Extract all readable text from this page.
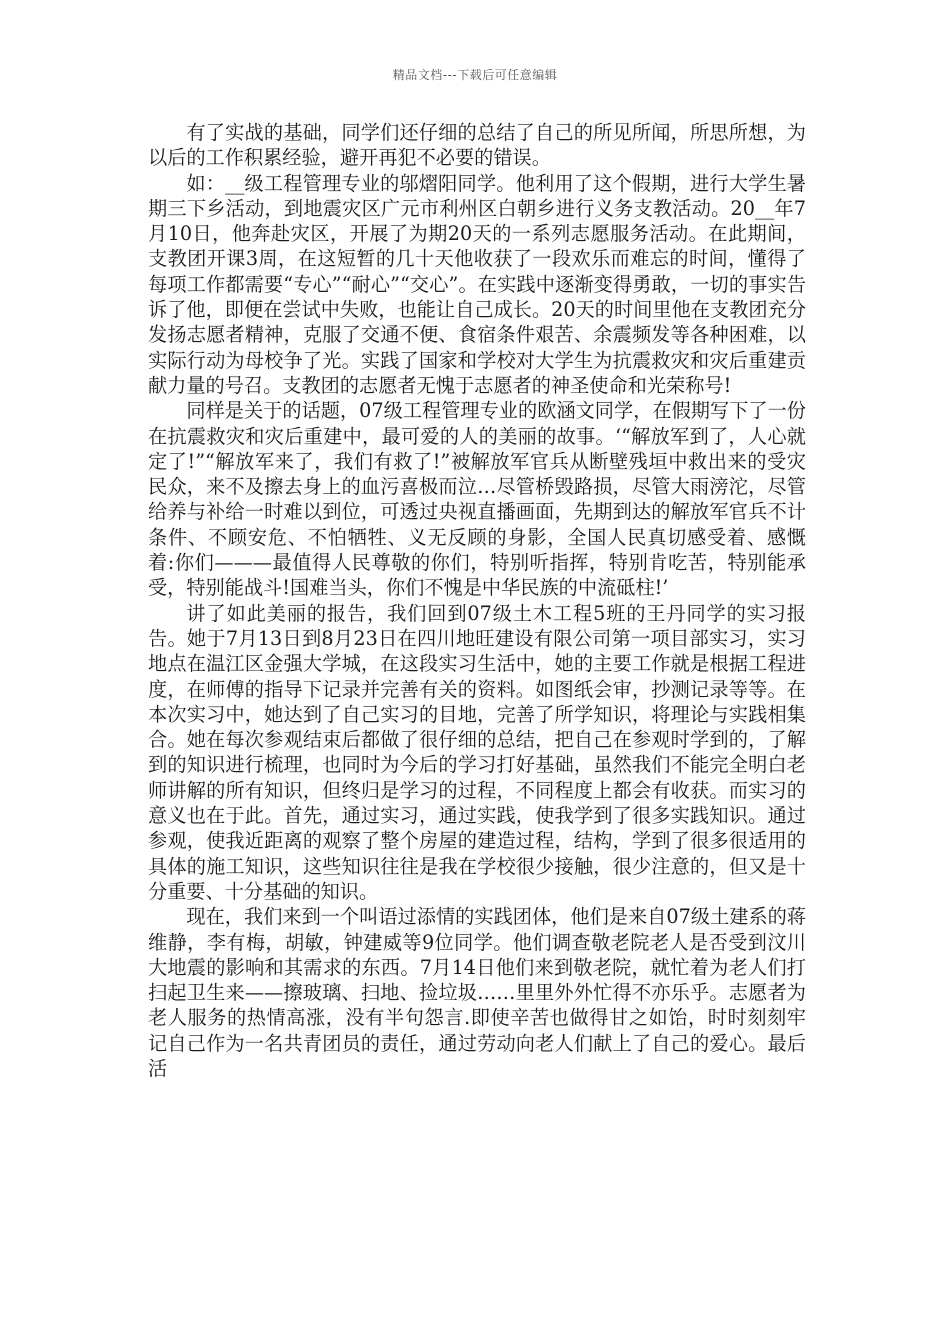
精品文档---下载后可任意编辑

有了实战的基础，同学们还仔细的总结了自己的所见所闻，所思所想，为以后的工作积累经验，避开再犯不必要的错误。

如：__级工程管理专业的邬熠阳同学。他利用了这个假期，进行大学生暑期三下乡活动，到地震灾区广元市利州区白朝乡进行义务支教活动。20__年7月10日，他奔赴灾区，开展了为期20天的一系列志愿服务活动。在此期间，支教团开课3周，在这短暂的几十天他收获了一段欢乐而难忘的时间，懂得了每项工作都需要“专心”“耐心”“交心”。在实践中逐渐变得勇敢，一切的事实告诉了他，即便在尝试中失败，也能让自己成长。20天的时间里他在支教团充分发扬志愿者精神，克服了交通不便、食宿条件艰苦、余震频发等各种困难，以实际行动为母校争了光。实践了国家和学校对大学生为抗震救灾和灾后重建贡献力量的号召。支教团的志愿者无愧于志愿者的神圣使命和光荣称号!

同样是关于的话题，07级工程管理专业的欧涵文同学，在假期写下了一份在抗震救灾和灾后重建中，最可爱的人的美丽的故事。‘“解放军到了，人心就定了!”“解放军来了，我们有救了!”被解放军官兵从断壁残垣中救出来的受灾民众，来不及擦去身上的血污喜极而泣…尽管桥毁路损，尽管大雨滂沱，尽管给养与补给一时难以到位，可透过央视直播画面，先期到达的解放军官兵不计条件、不顾安危、不怕牺牲、义无反顾的身影，全国人民真切感受着、感慨着:你们———最值得人民尊敬的你们，特别听指挥，特别肯吃苦，特别能承受，特别能战斗!国难当头，你们不愧是中华民族的中流砥柱!’

讲了如此美丽的报告，我们回到07级土木工程5班的王丹同学的实习报告。她于7月13日到8月23日在四川地旺建设有限公司第一项目部实习，实习地点在温江区金强大学城，在这段实习生活中，她的主要工作就是根据工程进度，在师傅的指导下记录并完善有关的资料。如图纸会审，抄测记录等等。在本次实习中，她达到了自己实习的目地，完善了所学知识，将理论与实践相集合。她在每次参观结束后都做了很仔细的总结，把自己在参观时学到的，了解到的知识进行梳理，也同时为今后的学习打好基础，虽然我们不能完全明白老师讲解的所有知识，但终归是学习的过程，不同程度上都会有收获。而实习的意义也在于此。首先，通过实习，通过实践，使我学到了很多实践知识。通过参观，使我近距离的观察了整个房屋的建造过程，结构，学到了很多很适用的具体的施工知识，这些知识往往是我在学校很少接触，很少注意的，但又是十分重要、十分基础的知识。

现在，我们来到一个叫语过添情的实践团体，他们是来自07级土建系的蒋维静，李有梅，胡敏，钟建威等9位同学。他们调查敬老院老人是否受到汶川大地震的影响和其需求的东西。7月14日他们来到敬老院，就忙着为老人们打扫起卫生来——擦玻璃、扫地、捡垃圾……里里外外忙得不亦乐乎。志愿者为老人服务的热情高涨，没有半句怨言.即使辛苦也做得甘之如饴，时时刻刻牢记自己作为一名共青团员的责任，通过劳动向老人们献上了自己的爱心。最后活
